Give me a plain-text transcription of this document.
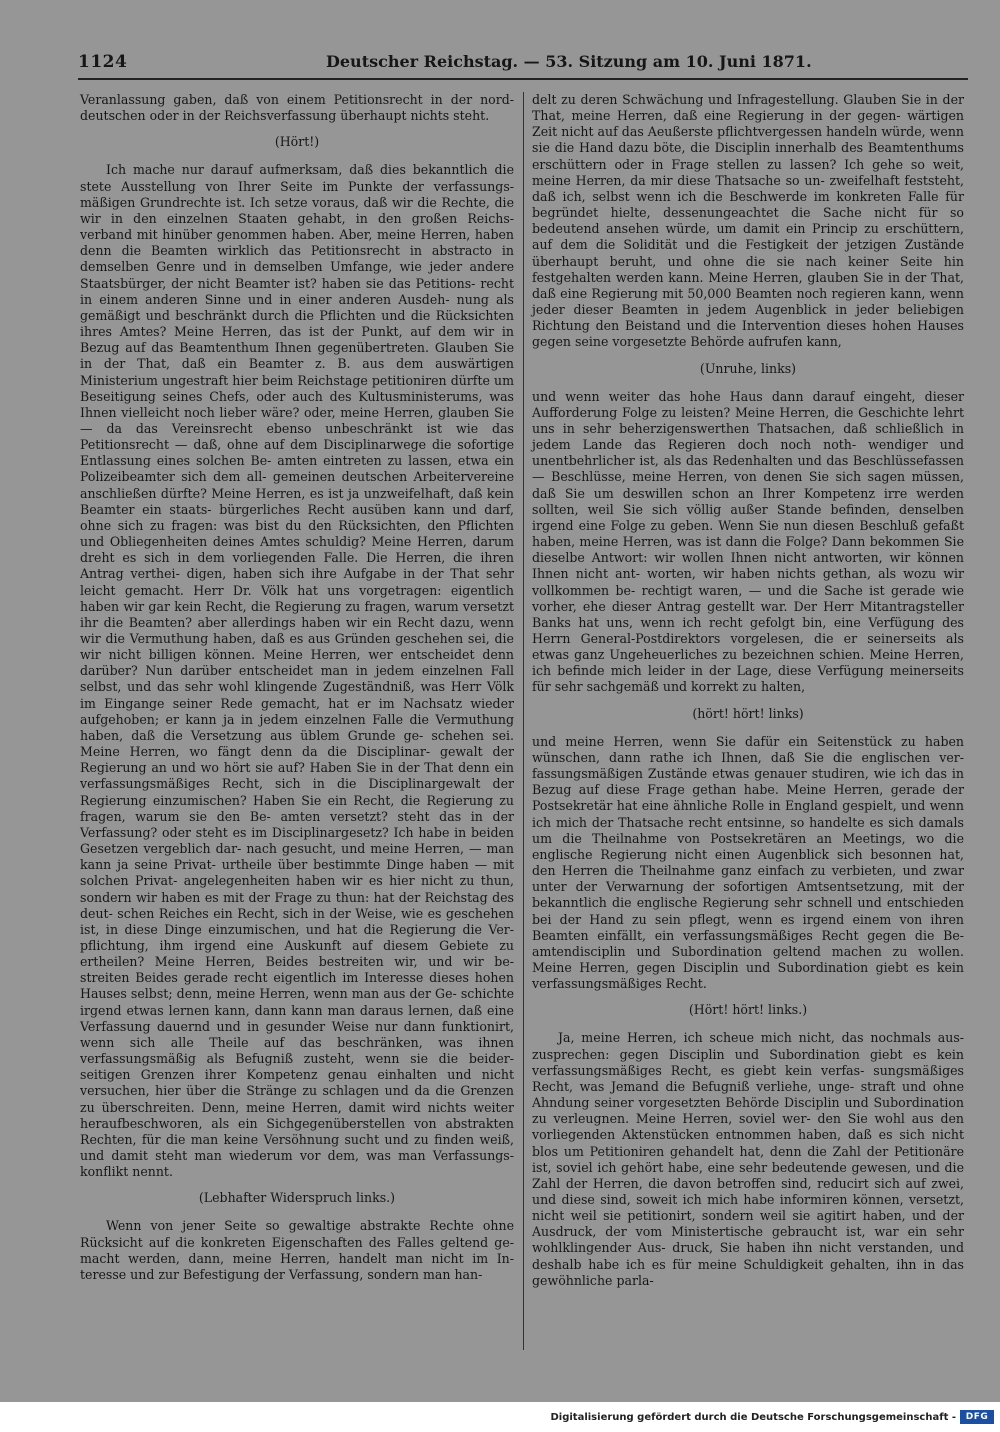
1124	Deutscher Reichstag. — 53. Sitzung am 10. Juni 1871.

Veranlassung gaben, daß von einem Petitionsrecht in der nord- deutschen oder in der Reichsverfassung überhaupt nichts steht.

(Hört!)

Ich mache nur darauf aufmerksam, daß dies bekanntlich die stete Ausstellung von Ihrer Seite im Punkte der verfassungs- mäßigen Grundrechte ist. Ich setze voraus, daß wir die Rechte, die wir in den einzelnen Staaten gehabt, in den großen Reichs- verband mit hinüber genommen haben. Aber, meine Herren, haben denn die Beamten wirklich das Petitionsrecht in abstracto in demselben Genre und in demselben Umfange, wie jeder andere Staatsbürger, der nicht Beamter ist? haben sie das Petitions- recht in einem anderen Sinne und in einer anderen Ausdeh- nung als gemäßigt und beschränkt durch die Pflichten und die Rücksichten ihres Amtes? Meine Herren, das ist der Punkt, auf dem wir in Bezug auf das Beamtenthum Ihnen gegenübertreten. Glauben Sie in der That, daß ein Beamter z. B. aus dem auswärtigen Ministerium ungestraft hier beim Reichstage petitioniren dürfte um Beseitigung seines Chefs, oder auch des Kultusministerums, was Ihnen vielleicht noch lieber wäre? oder, meine Herren, glauben Sie — da das Vereinsrecht ebenso unbeschränkt ist wie das Petitionsrecht — daß, ohne auf dem Disciplinarwege die sofortige Entlassung eines solchen Be- amten eintreten zu lassen, etwa ein Polizeibeamter sich dem all- gemeinen deutschen Arbeitervereine anschließen dürfte? Meine Herren, es ist ja unzweifelhaft, daß kein Beamter ein staats- bürgerliches Recht ausüben kann und darf, ohne sich zu fragen: was bist du den Rücksichten, den Pflichten und Obliegenheiten deines Amtes schuldig? Meine Herren, darum dreht es sich in dem vorliegenden Falle. Die Herren, die ihren Antrag verthei- digen, haben sich ihre Aufgabe in der That sehr leicht gemacht. Herr Dr. Völk hat uns vorgetragen: eigentlich haben wir gar kein Recht, die Regierung zu fragen, warum versetzt ihr die Beamten? aber allerdings haben wir ein Recht dazu, wenn wir die Vermuthung haben, daß es aus Gründen geschehen sei, die wir nicht billigen können. Meine Herren, wer entscheidet denn darüber? Nun darüber entscheidet man in jedem einzelnen Fall selbst, und das sehr wohl klingende Zugeständniß, was Herr Völk im Eingange seiner Rede gemacht, hat er im Nachsatz wieder aufgehoben; er kann ja in jedem einzelnen Falle die Vermuthung haben, daß die Versetzung aus üblem Grunde ge- schehen sei. Meine Herren, wo fängt denn da die Disciplinar- gewalt der Regierung an und wo hört sie auf? Haben Sie in der That denn ein verfassungsmäßiges Recht, sich in die Disciplinargewalt der Regierung einzumischen? Haben Sie ein Recht, die Regierung zu fragen, warum sie den Be- amten versetzt? steht das in der Verfassung? oder steht es im Disciplinargesetz? Ich habe in beiden Gesetzen vergeblich dar- nach gesucht, und meine Herren, — man kann ja seine Privat- urtheile über bestimmte Dinge haben — mit solchen Privat- angelegenheiten haben wir es hier nicht zu thun, sondern wir haben es mit der Frage zu thun: hat der Reichstag des deut- schen Reiches ein Recht, sich in der Weise, wie es geschehen ist, in diese Dinge einzumischen, und hat die Regierung die Ver- pflichtung, ihm irgend eine Auskunft auf diesem Gebiete zu ertheilen? Meine Herren, Beides bestreiten wir, und wir be- streiten Beides gerade recht eigentlich im Interesse dieses hohen Hauses selbst; denn, meine Herren, wenn man aus der Ge- schichte irgend etwas lernen kann, dann kann man daraus lernen, daß eine Verfassung dauernd und in gesunder Weise nur dann funktionirt, wenn sich alle Theile auf das beschränken, was ihnen verfassungsmäßig als Befugniß zusteht, wenn sie die beider- seitigen Grenzen ihrer Kompetenz genau einhalten und nicht versuchen, hier über die Stränge zu schlagen und da die Grenzen zu überschreiten. Denn, meine Herren, damit wird nichts weiter heraufbeschworen, als ein Sichgegenüberstellen von abstrakten Rechten, für die man keine Versöhnung sucht und zu finden weiß, und damit steht man wiederum vor dem, was man Verfassungs- konflikt nennt.

(Lebhafter Widerspruch links.)

Wenn von jener Seite so gewaltige abstrakte Rechte ohne Rücksicht auf die konkreten Eigenschaften des Falles geltend ge- macht werden, dann, meine Herren, handelt man nicht im In- teresse und zur Befestigung der Verfassung, sondern man han-

delt zu deren Schwächung und Infragestellung. Glauben Sie in der That, meine Herren, daß eine Regierung in der gegen- wärtigen Zeit nicht auf das Aeußerste pflichtvergessen handeln würde, wenn sie die Hand dazu böte, die Disciplin innerhalb des Beamtenthums erschüttern oder in Frage stellen zu lassen? Ich gehe so weit, meine Herren, da mir diese Thatsache so un- zweifelhaft feststeht, daß ich, selbst wenn ich die Beschwerde im konkreten Falle für begründet hielte, dessenungeachtet die Sache nicht für so bedeutend ansehen würde, um damit ein Princip zu erschüttern, auf dem die Solidität und die Festigkeit der jetzigen Zustände überhaupt beruht, und ohne die sie nach keiner Seite hin festgehalten werden kann. Meine Herren, glauben Sie in der That, daß eine Regierung mit 50,000 Beamten noch regieren kann, wenn jeder dieser Beamten in jedem Augenblick in jeder beliebigen Richtung den Beistand und die Intervention dieses hohen Hauses gegen seine vorgesetzte Behörde aufrufen kann,

(Unruhe, links)

und wenn weiter das hohe Haus dann darauf eingeht, dieser Aufforderung Folge zu leisten? Meine Herren, die Geschichte lehrt uns in sehr beherzigenswerthen Thatsachen, daß schließlich in jedem Lande das Regieren doch noch noth- wendiger und unentbehrlicher ist, als das Redenhalten und das Beschlüssefassen — Beschlüsse, meine Herren, von denen Sie sich sagen müssen, daß Sie um deswillen schon an Ihrer Kompetenz irre werden sollten, weil Sie sich völlig außer Stande befinden, denselben irgend eine Folge zu geben. Wenn Sie nun diesen Beschluß gefaßt haben, meine Herren, was ist dann die Folge? Dann bekommen Sie dieselbe Antwort: wir wollen Ihnen nicht antworten, wir können Ihnen nicht ant- worten, wir haben nichts gethan, als wozu wir vollkommen be- rechtigt waren, — und die Sache ist gerade wie vorher, ehe dieser Antrag gestellt war. Der Herr Mitantragsteller Banks hat uns, wenn ich recht gefolgt bin, eine Verfügung des Herrn General-Postdirektors vorgelesen, die er seinerseits als etwas ganz Ungeheuerliches zu bezeichnen schien. Meine Herren, ich befinde mich leider in der Lage, diese Verfügung meinerseits für sehr sachgemäß und korrekt zu halten,

(hört! hört! links)

und meine Herren, wenn Sie dafür ein Seitenstück zu haben wünschen, dann rathe ich Ihnen, daß Sie die englischen ver- fassungsmäßigen Zustände etwas genauer studiren, wie ich das in Bezug auf diese Frage gethan habe. Meine Herren, gerade der Postsekretär hat eine ähnliche Rolle in England gespielt, und wenn ich mich der Thatsache recht entsinne, so handelte es sich damals um die Theilnahme von Postsekretären an Meetings, wo die englische Regierung nicht einen Augenblick sich besonnen hat, den Herren die Theilnahme ganz einfach zu verbieten, und zwar unter der Verwarnung der sofortigen Amtsentsetzung, mit der bekanntlich die englische Regierung sehr schnell und entschieden bei der Hand zu sein pflegt, wenn es irgend einem von ihren Beamten einfällt, ein verfassungsmäßiges Recht gegen die Be- amtendisciplin und Subordination geltend machen zu wollen. Meine Herren, gegen Disciplin und Subordination giebt es kein verfassungsmäßiges Recht.

(Hört! hört! links.)

Ja, meine Herren, ich scheue mich nicht, das nochmals aus- zusprechen: gegen Disciplin und Subordination giebt es kein verfassungsmäßiges Recht, es giebt kein verfas- sungsmäßiges Recht, was Jemand die Befugniß verliehe, unge- straft und ohne Ahndung seiner vorgesetzten Behörde Disciplin und Subordination zu verleugnen. Meine Herren, soviel wer- den Sie wohl aus den vorliegenden Aktenstücken entnommen haben, daß es sich nicht blos um Petitioniren gehandelt hat, denn die Zahl der Petitionäre ist, soviel ich gehört habe, eine sehr bedeutende gewesen, und die Zahl der Herren, die davon betroffen sind, reducirt sich auf zwei, und diese sind, soweit ich mich habe informiren können, versetzt, nicht weil sie petitionirt, sondern weil sie agitirt haben, und der Ausdruck, der vom Ministertische gebraucht ist, war ein sehr wohlklingender Aus- druck, Sie haben ihn nicht verstanden, und deshalb habe ich es für meine Schuldigkeit gehalten, ihn in das gewöhnliche parla-

Digitalisierung gefördert durch die Deutsche Forschungsgemeinschaft -	DFG
